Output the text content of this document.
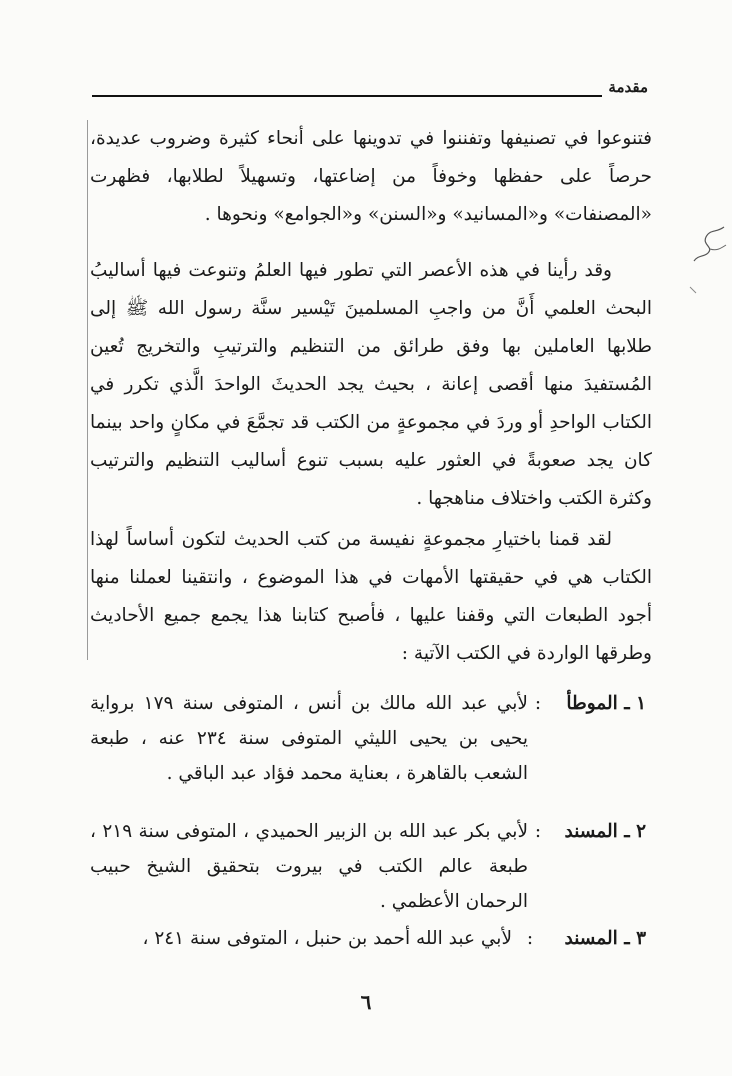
مقدمة

فتنوعوا في تصنيفها وتفننوا في تدوينها على أنحاء كثيرة وضروب عديدة، حرصاً على حفظها وخوفاً من إضاعتها، وتسهيلاً لطلابها، فظهرت «المصنفات» و«المسانيد» و«السنن» و«الجوامع» ونحوها .

وقد رأينا في هذه الأعصر التي تطور فيها العلمُ وتنوعت فيها أساليبُ البحث العلمي أَنَّ من واجبِ المسلمينَ تَيْسير سنَّة رسول الله ﷺ إلى طلابها العاملين بها وفق طرائق من التنظيم والترتيبِ والتخريج تُعين المُستفيدَ منها أقصى إعانة ، بحيث يجد الحديثَ الواحدَ الَّذي تكرر في الكتاب الواحدِ أو وردَ في مجموعةٍ من الكتب قد تجمَّعَ في مكانٍ واحد بينما كان يجد صعوبةً في العثور عليه بسبب تنوع أساليب التنظيم والترتيب وكثرة الكتب واختلاف مناهجها .

لقد قمنا باختيارِ مجموعةٍ نفيسة من كتب الحديث لتكون أساساً لهذا الكتاب هي في حقيقتها الأمهات في هذا الموضوع ، وانتقينا لعملنا منها أجود الطبعات التي وقفنا عليها ، فأصبح كتابنا هذا يجمع جميع الأحاديث وطرقها الواردة في الكتب الآتية :

١ ـ الموطأ
:
لأبي عبد الله مالك بن أنس ، المتوفى سنة ١٧٩ برواية يحيى بن يحيى الليثي المتوفى سنة ٢٣٤ عنه ، طبعة الشعب بالقاهرة ، بعناية محمد فؤاد عبد الباقي .
٢ ـ المسند
:
لأبي بكر عبد الله بن الزبير الحميدي ، المتوفى سنة ٢١٩ ، طبعة عالم الكتب في بيروت بتحقيق الشيخ حبيب الرحمان الأعظمي .
٣ ـ المسند
:
لأبي عبد الله أحمد بن حنبل ، المتوفى سنة ٢٤١ ،
٦
